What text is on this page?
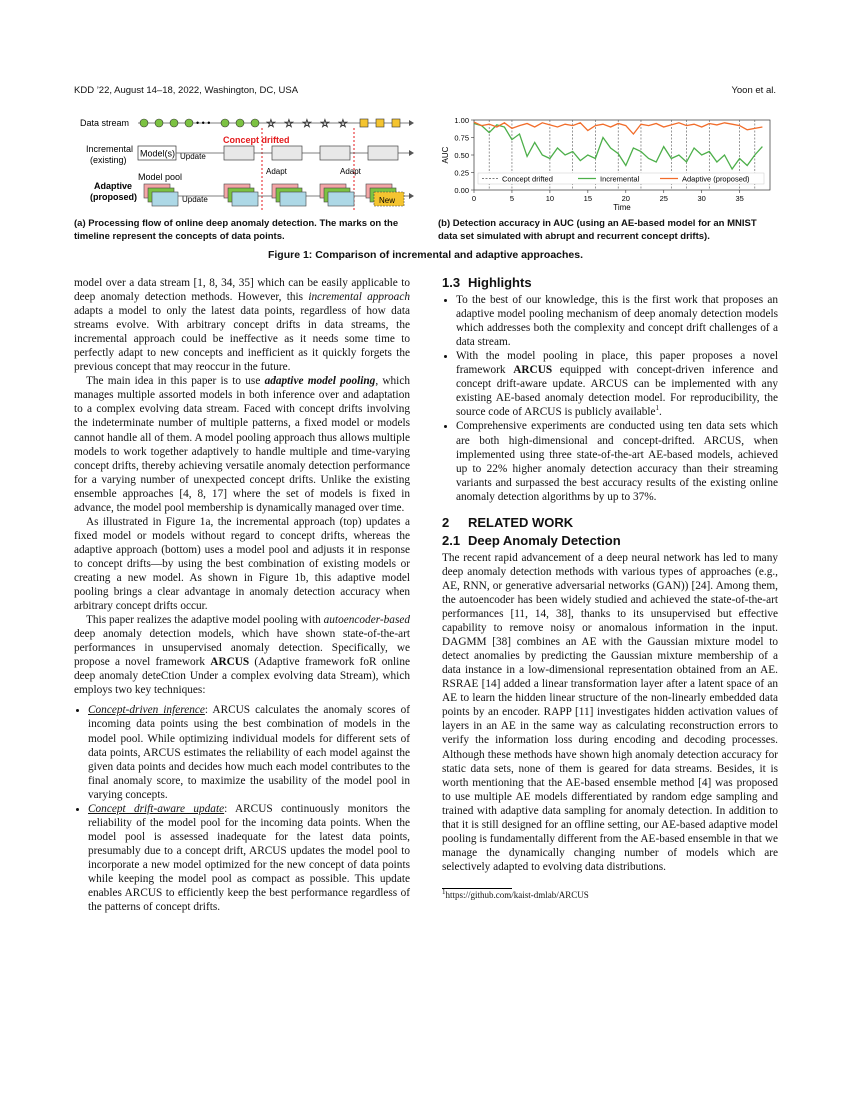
KDD ’22, August 14–18, 2022, Washington, DC, USA	Yoon et al.
Data stream	• • •	☆ ☆ ☆ ☆ ☆
Concept drifted
Incremental
(existing)
Model(s) Update
Adaptive
(proposed)
Model pool
Update
Adapt	Adapt
New
(a) Processing flow of online deep anomaly detection. The marks on the timeline represent the concepts of data points.
0.00
0.25
0.50
0.75
1.00
0	5	10	15	20	25	30	35
Time
AUC
Concept drifted	Incremental	Adaptive (proposed)
(b) Detection accuracy in AUC (using an AE-based model for an MNIST data set simulated with abrupt and recurrent concept drifts).
Figure 1: Comparison of incremental and adaptive approaches.

model over a data stream [1, 8, 34, 35] which can be easily applicable to deep anomaly detection methods. However, this incremental approach adapts a model to only the latest data points, regardless of how data streams evolve. With arbitrary concept drifts in data streams, the incremental approach could be ineffective as it needs some time to perfectly adapt to new concepts and inefficient as it quickly forgets the previous concept that may reoccur in the future.

The main idea in this paper is to use adaptive model pooling, which manages multiple assorted models in both inference over and adaptation to a complex evolving data stream. Faced with concept drifts involving the indeterminate number of multiple patterns, a fixed model or models cannot handle all of them. A model pooling approach thus allows multiple models to work together adaptively to handle multiple and time-varying concept drifts, thereby achieving versatile anomaly detection performance for a varying number of unexpected concept drifts. Unlike the existing ensemble approaches [4, 8, 17] where the set of models is fixed in advance, the model pool membership is dynamically managed over time.

As illustrated in Figure 1a, the incremental approach (top) updates a fixed model or models without regard to concept drifts, whereas the adaptive approach (bottom) uses a model pool and adjusts it in response to concept drifts—by using the best combination of existing models or creating a new model. As shown in Figure 1b, this adaptive model pooling brings a clear advantage in anomaly detection accuracy when arbitrary concept drifts occur.

This paper realizes the adaptive model pooling with autoencoder-based deep anomaly detection models, which have shown state-of-the-art performances in unsupervised anomaly detection. Specifically, we propose a novel framework ARCUS (Adaptive framework foR online deep anomaly deteCtion Under a complex evolving data Stream), which employs two key techniques:

• Concept-driven inference: ARCUS calculates the anomaly scores of incoming data points using the best combination of models in the model pool. While optimizing individual models for different sets of data points, ARCUS estimates the reliability of each model against the given data points and decides how much each model contributes to the final anomaly score, to maximize the usability of the model pool in varying concepts.
• Concept drift-aware update: ARCUS continuously monitors the reliability of the model pool for the incoming data points. When the model pool is assessed inadequate for the latest data points, presumably due to a concept drift, ARCUS updates the model pool to incorporate a new model optimized for the new concept of data points while keeping the model pool as compact as possible. This update enables ARCUS to efficiently keep the best performance regardless of the patterns of concept drifts.
1.3 Highlights
• To the best of our knowledge, this is the first work that proposes an adaptive model pooling mechanism of deep anomaly detection models which addresses both the complexity and concept drift challenges of a data stream.
• With the model pooling in place, this paper proposes a novel framework ARCUS equipped with concept-driven inference and concept drift-aware update. ARCUS can be implemented with any existing AE-based anomaly detection model. For reproducibility, the source code of ARCUS is publicly available$^1$.
• Comprehensive experiments are conducted using ten data sets which are both high-dimensional and concept-drifted. ARCUS, when implemented using three state-of-the-art AE-based models, achieved up to 22% higher anomaly detection accuracy than their streaming variants and surpassed the best accuracy results of the existing online anomaly detection algorithms by up to 37%.
2 RELATED WORK
2.1 Deep Anomaly Detection

The recent rapid advancement of a deep neural network has led to many deep anomaly detection methods with various types of approaches (e.g., AE, RNN, or generative adversarial networks (GAN)) [24]. Among them, the autoencoder has been widely studied and achieved the state-of-the-art performances [11, 14, 38], thanks to its unsupervised but effective capability to remove noisy or anomalous information in the input. DAGMM [38] combines an AE with the Gaussian mixture model to detect anomalies by predicting the Gaussian mixture membership of a data instance in a low-dimensional representation obtained from an AE. RSRAE [14] added a linear transformation layer after a latent space of an AE to learn the hidden linear structure of the non-linearly embedded data points by an encoder. RAPP [11] investigates hidden activation values of layers in an AE in the same way as calculating reconstruction errors to verify the information loss during encoding and decoding processes. Although these methods have shown high anomaly detection accuracy for static data sets, none of them is geared for data streams. Besides, it is worth mentioning that the AE-based ensemble method [4] was proposed to use multiple AE models differentiated by random edge sampling and trained with adaptive data sampling for anomaly detection. In addition to that it is still designed for an offline setting, our AE-based adaptive model pooling is fundamentally different from the AE-based ensemble in that we manage the dynamically changing number of models which are selectively adapted to evolving data distributions.

$^1$https://github.com/kaist-dmlab/ARCUS
